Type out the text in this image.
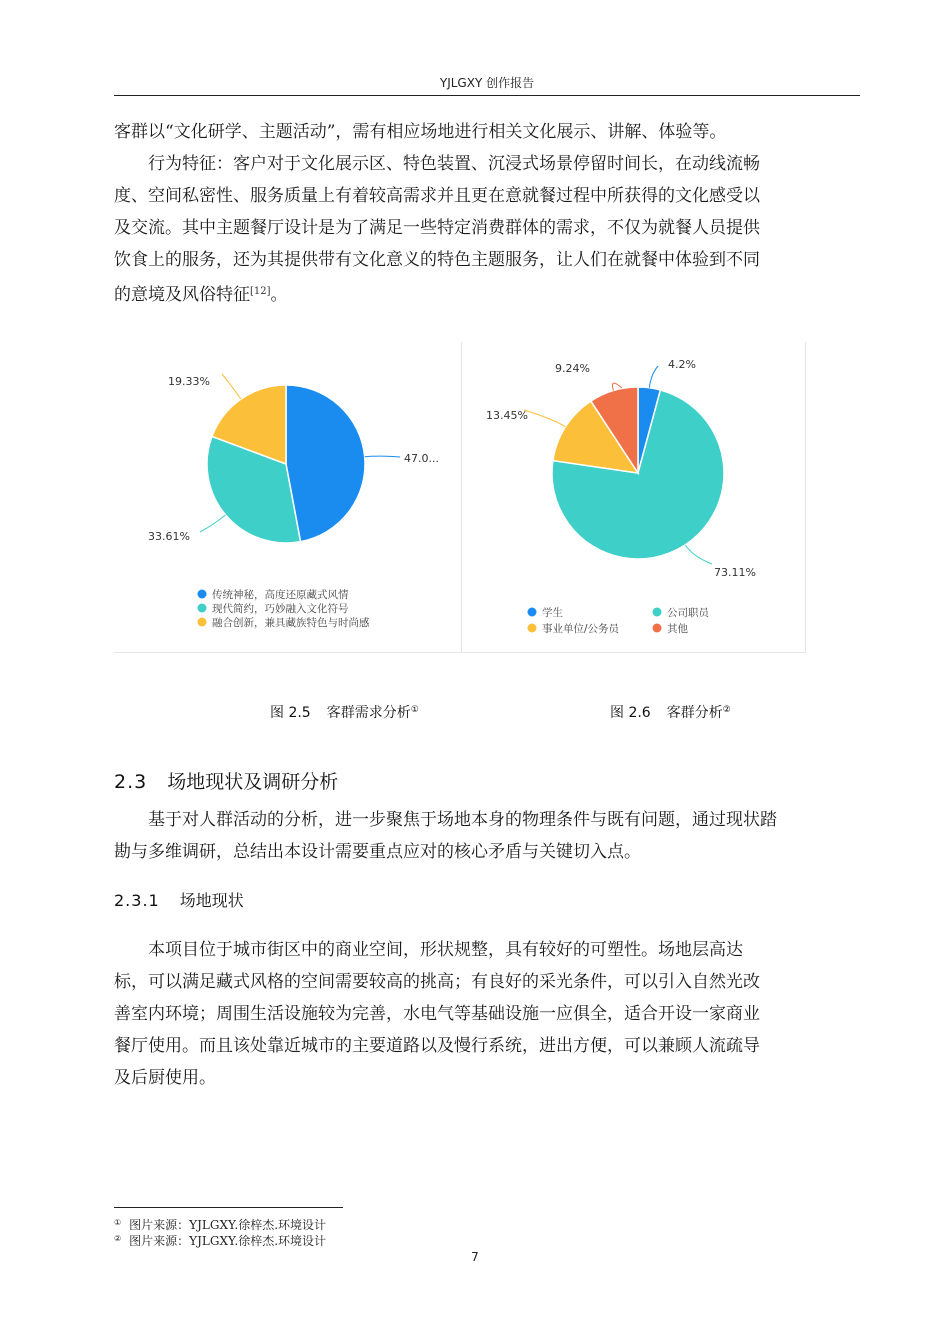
YJLGXY 创作报告
客群以“文化研学、主题活动”，需有相应场地进行相关文化展示、讲解、体验等。
行为特征：客户对于文化展示区、特色装置、沉浸式场景停留时间长，在动线流畅
度、空间私密性、服务质量上有着较高需求并且更在意就餐过程中所获得的文化感受以
及交流。其中主题餐厅设计是为了满足一些特定消费群体的需求，不仅为就餐人员提供
饮食上的服务，还为其提供带有文化意义的特色主题服务，让人们在就餐中体验到不同
的意境及风俗特征[12]。
47.0...
33.61%
19.33%
传统神秘，高度还原藏式风情
现代简约，巧妙融入文化符号
融合创新，兼具藏族特色与时尚感
4.2%
73.11%
13.45%
9.24%
学生	公司职员
事业单位/公务员	其他
图 2.5 客群需求分析①	图 2.6 客群分析②
2.3 场地现状及调研分析
基于对人群活动的分析，进一步聚焦于场地本身的物理条件与既有问题，通过现状踏
勘与多维调研，总结出本设计需要重点应对的核心矛盾与关键切入点。
2.3.1 场地现状
本项目位于城市街区中的商业空间，形状规整，具有较好的可塑性。场地层高达
标，可以满足藏式风格的空间需要较高的挑高；有良好的采光条件，可以引入自然光改
善室内环境；周围生活设施较为完善，水电气等基础设施一应俱全，适合开设一家商业
餐厅使用。而且该处靠近城市的主要道路以及慢行系统，进出方便，可以兼顾人流疏导
及后厨使用。
① 图片来源：YJLGXY.徐梓杰.环境设计
② 图片来源：YJLGXY.徐梓杰.环境设计
7
